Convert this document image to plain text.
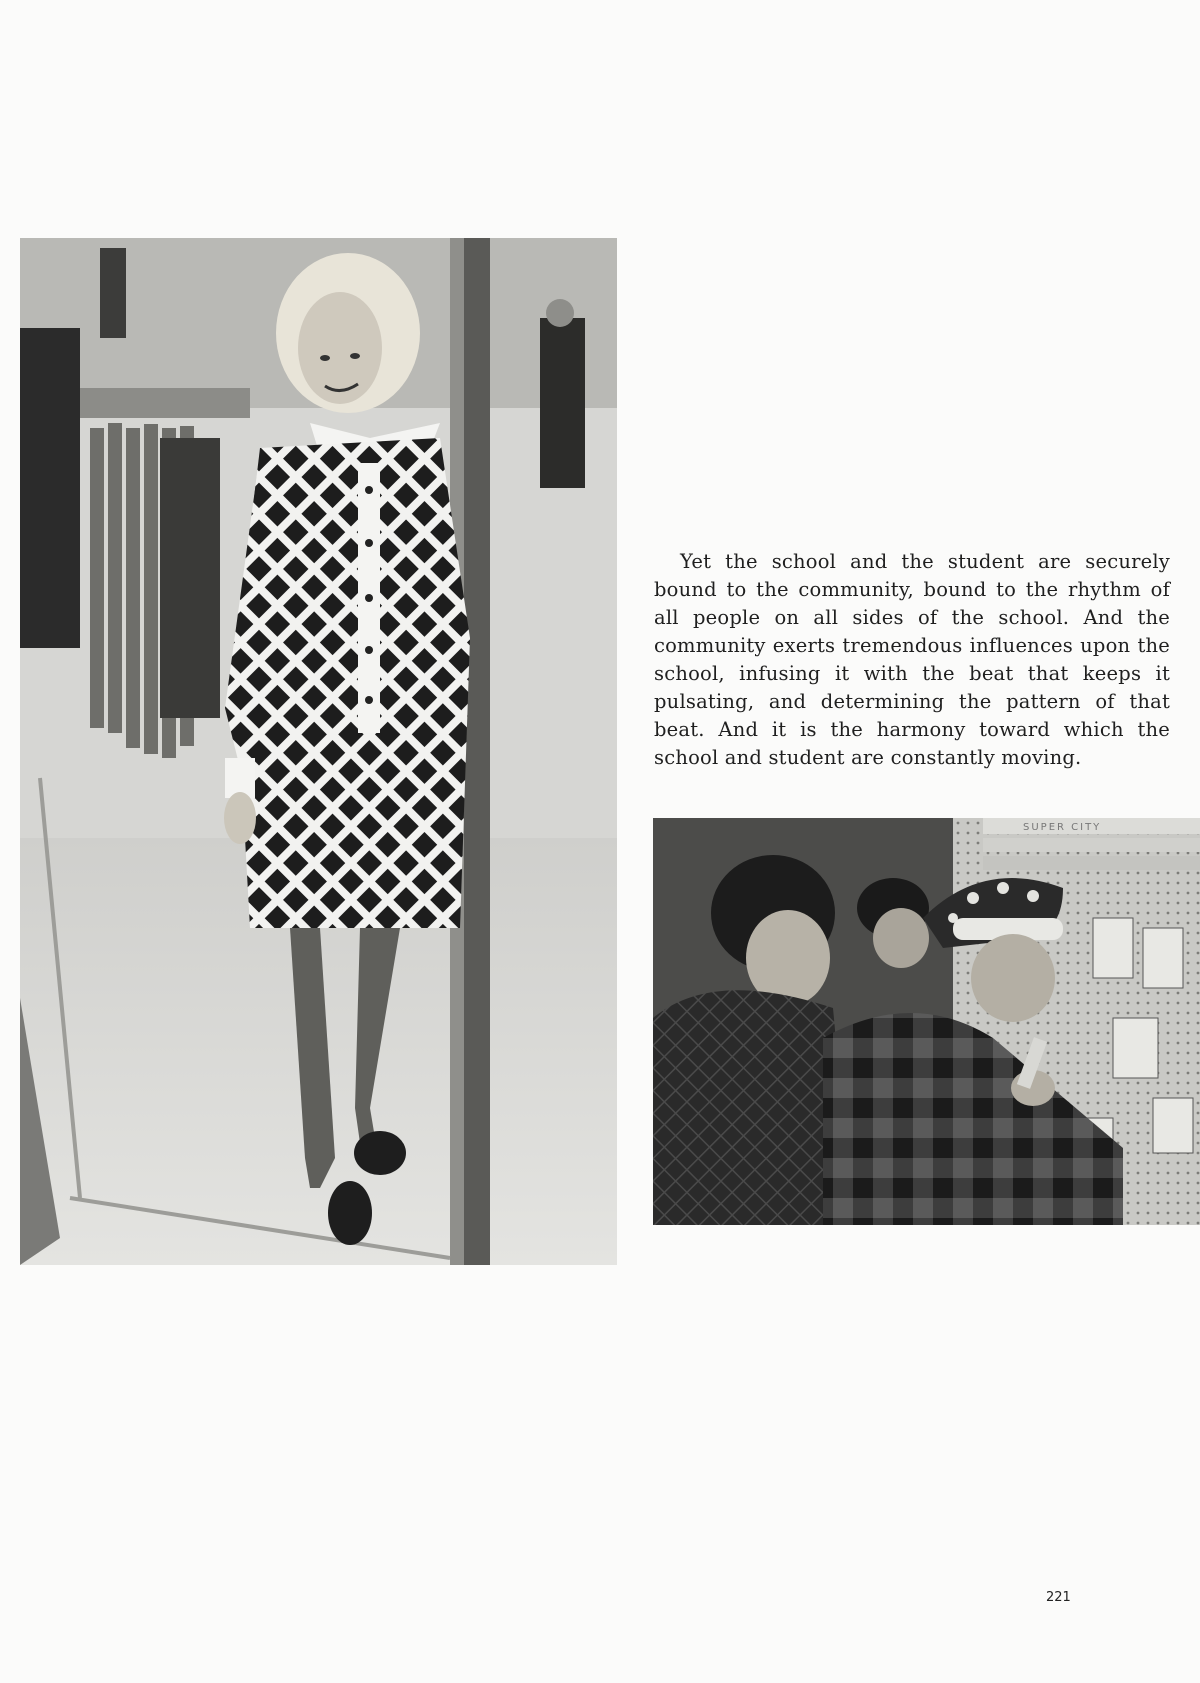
Yet the school and the student are securely bound to the community, bound to the rhythm of all people on all sides of the school. And the community exerts tremendous influences upon the school, infusing it with the beat that keeps it pulsating, and determining the pattern of that beat. And it is the harmony toward which the school and student are constantly moving.

SUPER CITY
221
